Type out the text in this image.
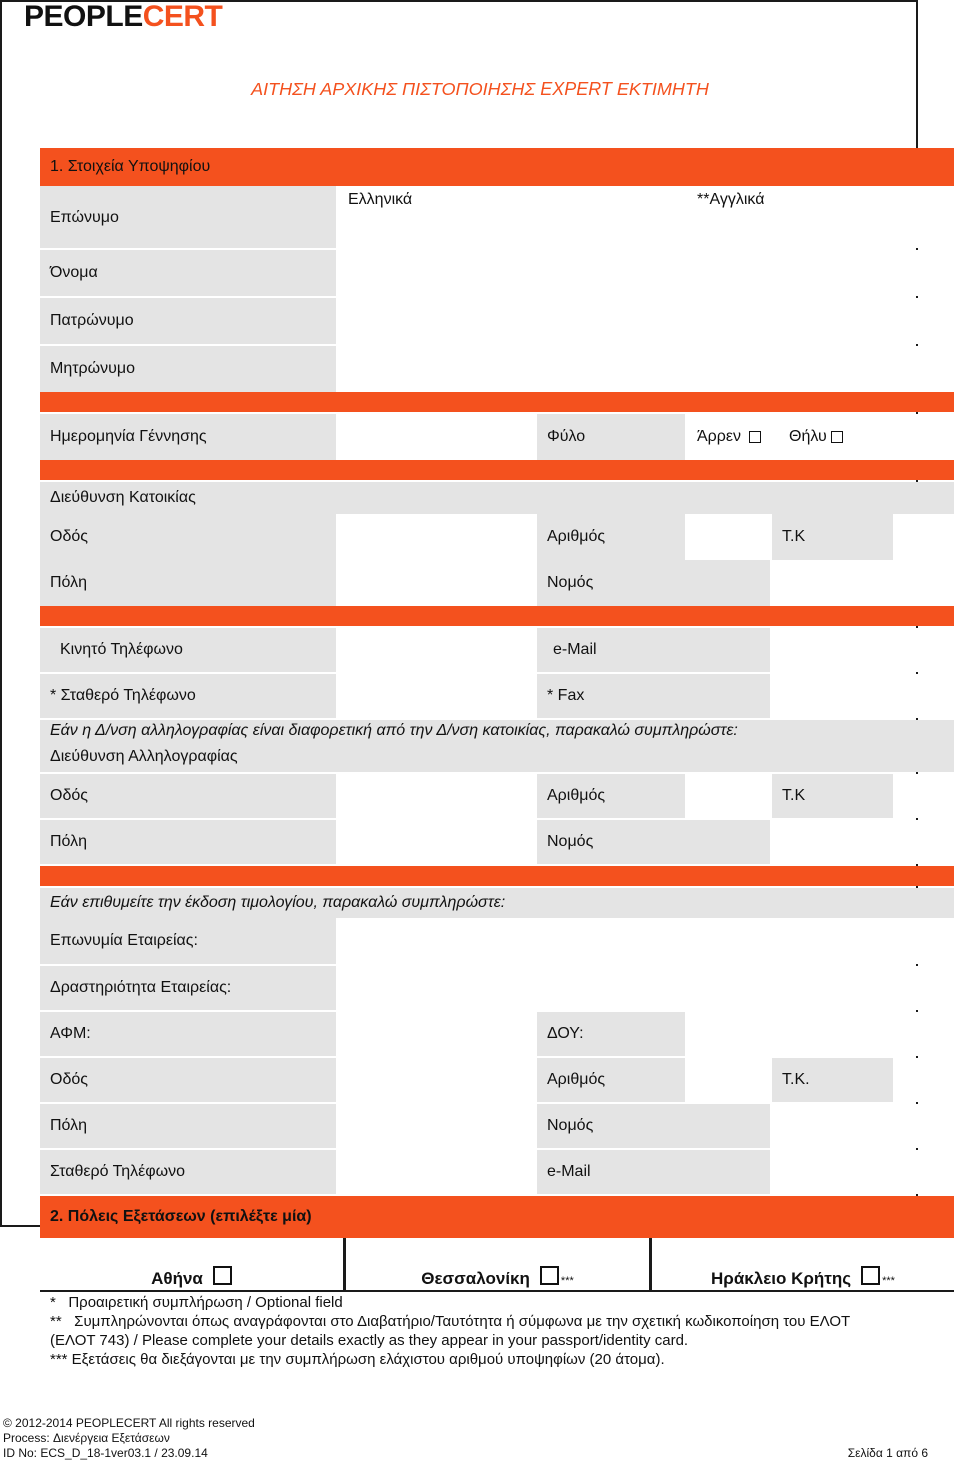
PEOPLECERT
ΑΙΤΗΣΗ ΑΡΧΙΚΗΣ ΠΙΣΤΟΠΟΙΗΣΗΣ EXPERT ΕΚΤΙΜΗΤΗ
1. Στοιχεία Υποψηφίου
Επώνυμο
Ελληνικά	**Αγγλικά
Όνομα
Πατρώνυμο
Μητρώνυμο
Ημερομηνία Γέννησης	Φύλο	Άρρεν	Θήλυ
Διεύθυνση Κατοικίας
Οδός	Αριθμός	Τ.Κ
Πόλη	Νομός
Κινητό Τηλέφωνο	e-Mail
* Σταθερό Τηλέφωνο	* Fax
Εάν η Δ/νση αλληλογραφίας είναι διαφορετική από την Δ/νση κατοικίας, παρακαλώ συμπληρώστε:
Διεύθυνση Αλληλογραφίας
Οδός	Αριθμός	Τ.Κ
Πόλη	Νομός
Εάν επιθυμείτε την έκδοση τιμολογίου, παρακαλώ συμπληρώστε:
Επωνυμία Εταιρείας:
Δραστηριότητα Εταιρείας:
ΑΦΜ:	ΔΟΥ:
Οδός	Αριθμός	Τ.Κ.
Πόλη	Νομός
Σταθερό Τηλέφωνο	e-Mail
2. Πόλεις Εξετάσεων (επιλέξτε μία)
Αθήνα	Θεσσαλονίκη	***	Ηράκλειο Κρήτης	***
*   Προαιρετική συμπλήρωση / Optional field
**   Συμπληρώνονται όπως αναγράφονται στο Διαβατήριο/Ταυτότητα ή σύμφωνα με την σχετική κωδικοποίηση του ΕΛΟΤ
(ΕΛΟΤ 743) / Please complete your details exactly as they appear in your passport/identity card.
*** Εξετάσεις θα διεξάγονται με την συμπλήρωση ελάχιστου αριθμού υποψηφίων (20 άτομα).
© 2012-2014 PEOPLECERT All rights reserved
Process: Διενέργεια Εξετάσεων
ID No: ECS_D_18-1ver03.1 / 23.09.14	Σελίδα 1 από 6
